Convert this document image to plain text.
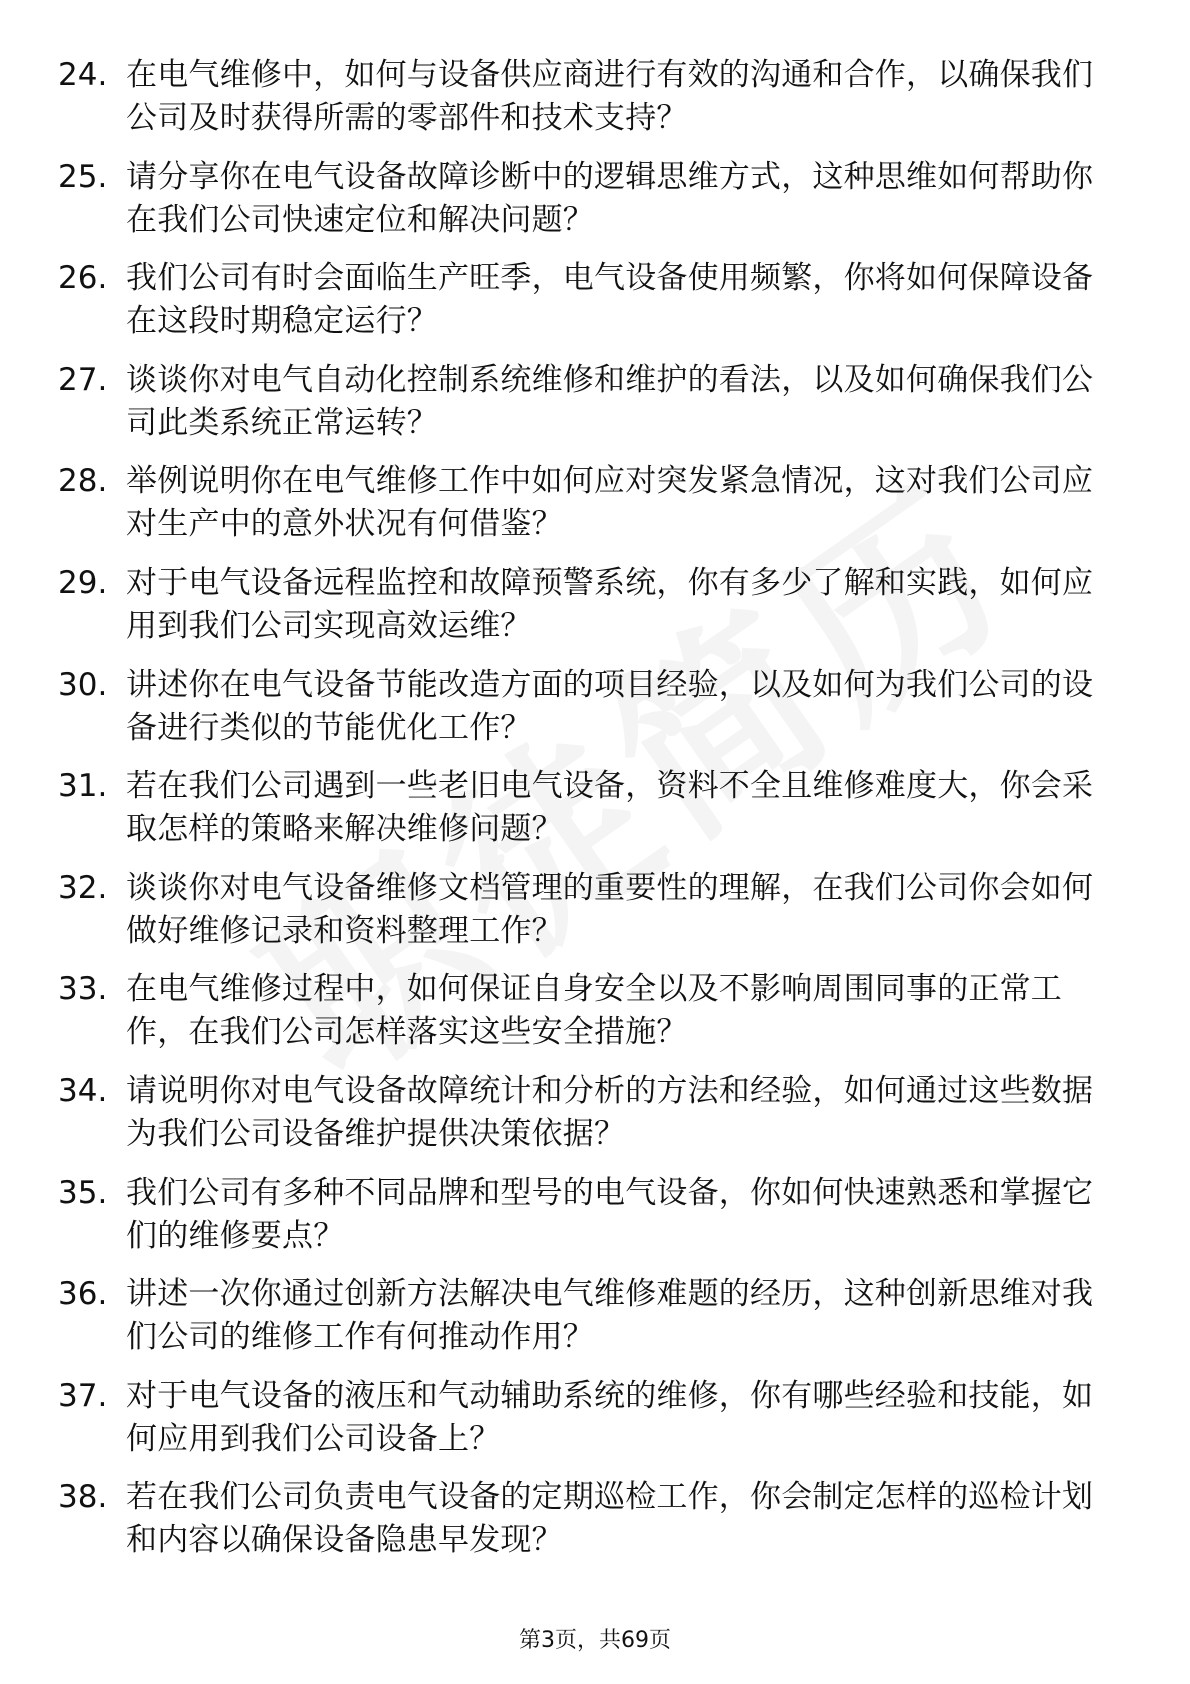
24. 在电气维修中，如何与设备供应商进行有效的沟通和合作，以确保我们公司及时获得所需的零部件和技术支持？
25. 请分享你在电气设备故障诊断中的逻辑思维方式，这种思维如何帮助你在我们公司快速定位和解决问题？
26. 我们公司有时会面临生产旺季，电气设备使用频繁，你将如何保障设备在这段时期稳定运行？
27. 谈谈你对电气自动化控制系统维修和维护的看法，以及如何确保我们公司此类系统正常运转？
28. 举例说明你在电气维修工作中如何应对突发紧急情况，这对我们公司应对生产中的意外状况有何借鉴？
29. 对于电气设备远程监控和故障预警系统，你有多少了解和实践，如何应用到我们公司实现高效运维？
30. 讲述你在电气设备节能改造方面的项目经验，以及如何为我们公司的设备进行类似的节能优化工作？
31. 若在我们公司遇到一些老旧电气设备，资料不全且维修难度大，你会采取怎样的策略来解决维修问题？
32. 谈谈你对电气设备维修文档管理的重要性的理解，在我们公司你会如何做好维修记录和资料整理工作？
33. 在电气维修过程中，如何保证自身安全以及不影响周围同事的正常工作，在我们公司怎样落实这些安全措施？
34. 请说明你对电气设备故障统计和分析的方法和经验，如何通过这些数据为我们公司设备维护提供决策依据？
35. 我们公司有多种不同品牌和型号的电气设备，你如何快速熟悉和掌握它们的维修要点？
36. 讲述一次你通过创新方法解决电气维修难题的经历，这种创新思维对我们公司的维修工作有何推动作用？
37. 对于电气设备的液压和气动辅助系统的维修，你有哪些经验和技能，如何应用到我们公司设备上？
38. 若在我们公司负责电气设备的定期巡检工作，你会制定怎样的巡检计划和内容以确保设备隐患早发现？
第3页，共69页
